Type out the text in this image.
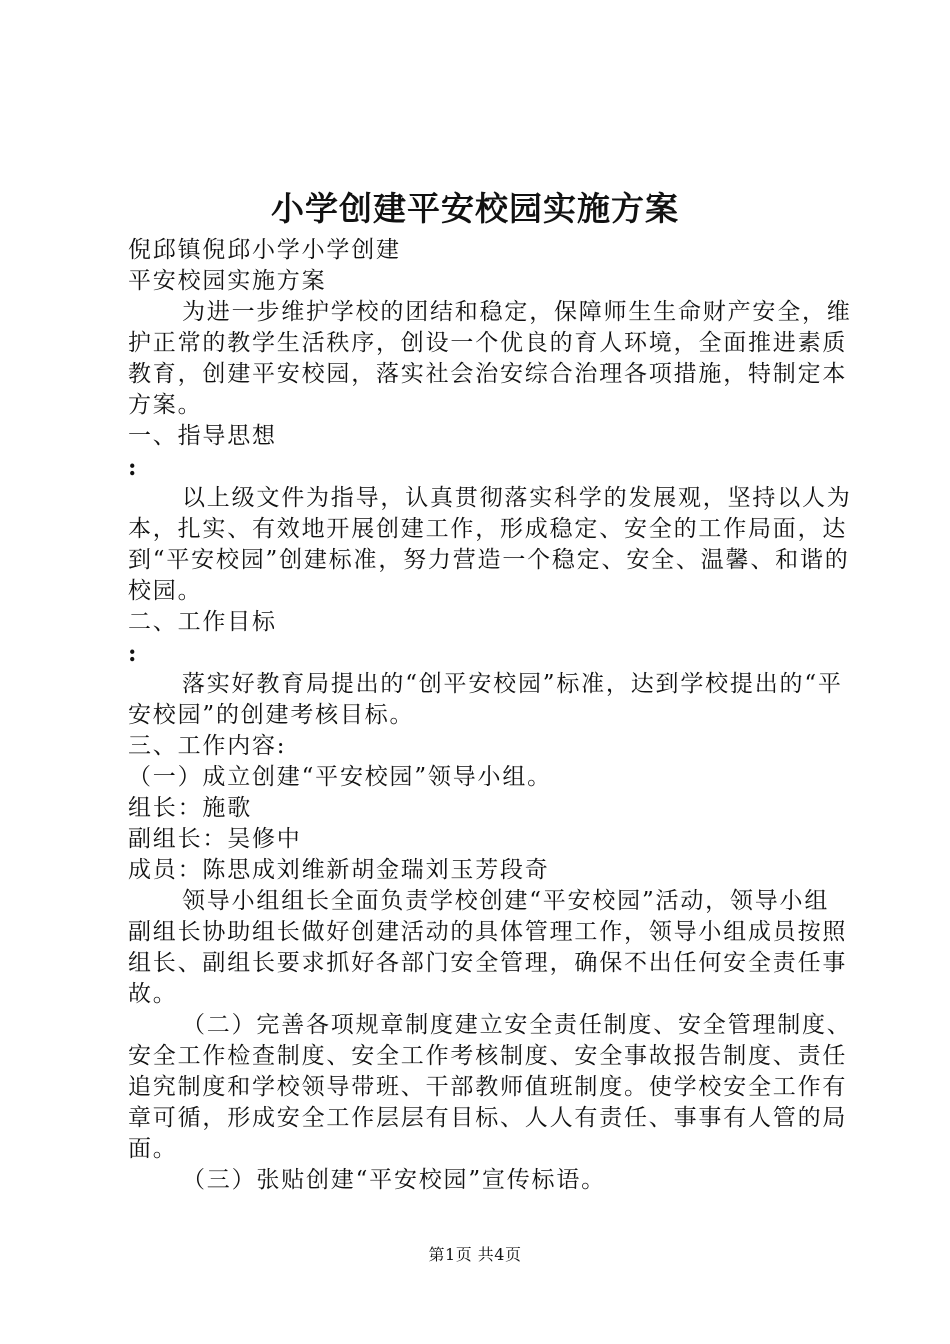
小学创建平安校园实施方案

倪邱镇倪邱小学小学创建

平安校园实施方案

为进一步维护学校的团结和稳定，保障师生生命财产安全，维护正常的教学生活秩序，创设一个优良的育人环境，全面推进素质教育，创建平安校园，落实社会治安综合治理各项措施，特制定本方案。

一、指导思想

:

以上级文件为指导，认真贯彻落实科学的发展观，坚持以人为本，扎实、有效地开展创建工作，形成稳定、安全的工作局面，达到“平安校园”创建标准，努力营造一个稳定、安全、温馨、和谐的校园。

二、工作目标

:

落实好教育局提出的“创平安校园”标准，达到学校提出的“平安校园”的创建考核目标。

三、工作内容:

（一）成立创建“平安校园”领导小组。

组长：施歌

副组长：吴修中

成员：陈思成刘维新胡金瑞刘玉芳段奇

领导小组组长全面负责学校创建“平安校园”活动，领导小组副组长协助组长做好创建活动的具体管理工作，领导小组成员按照组长、副组长要求抓好各部门安全管理，确保不出任何安全责任事故。

（二）完善各项规章制度建立安全责任制度、安全管理制度、安全工作检查制度、安全工作考核制度、安全事故报告制度、责任追究制度和学校领导带班、干部教师值班制度。使学校安全工作有章可循，形成安全工作层层有目标、人人有责任、事事有人管的局面。

（三）张贴创建“平安校园”宣传标语。

第1页 共4页
